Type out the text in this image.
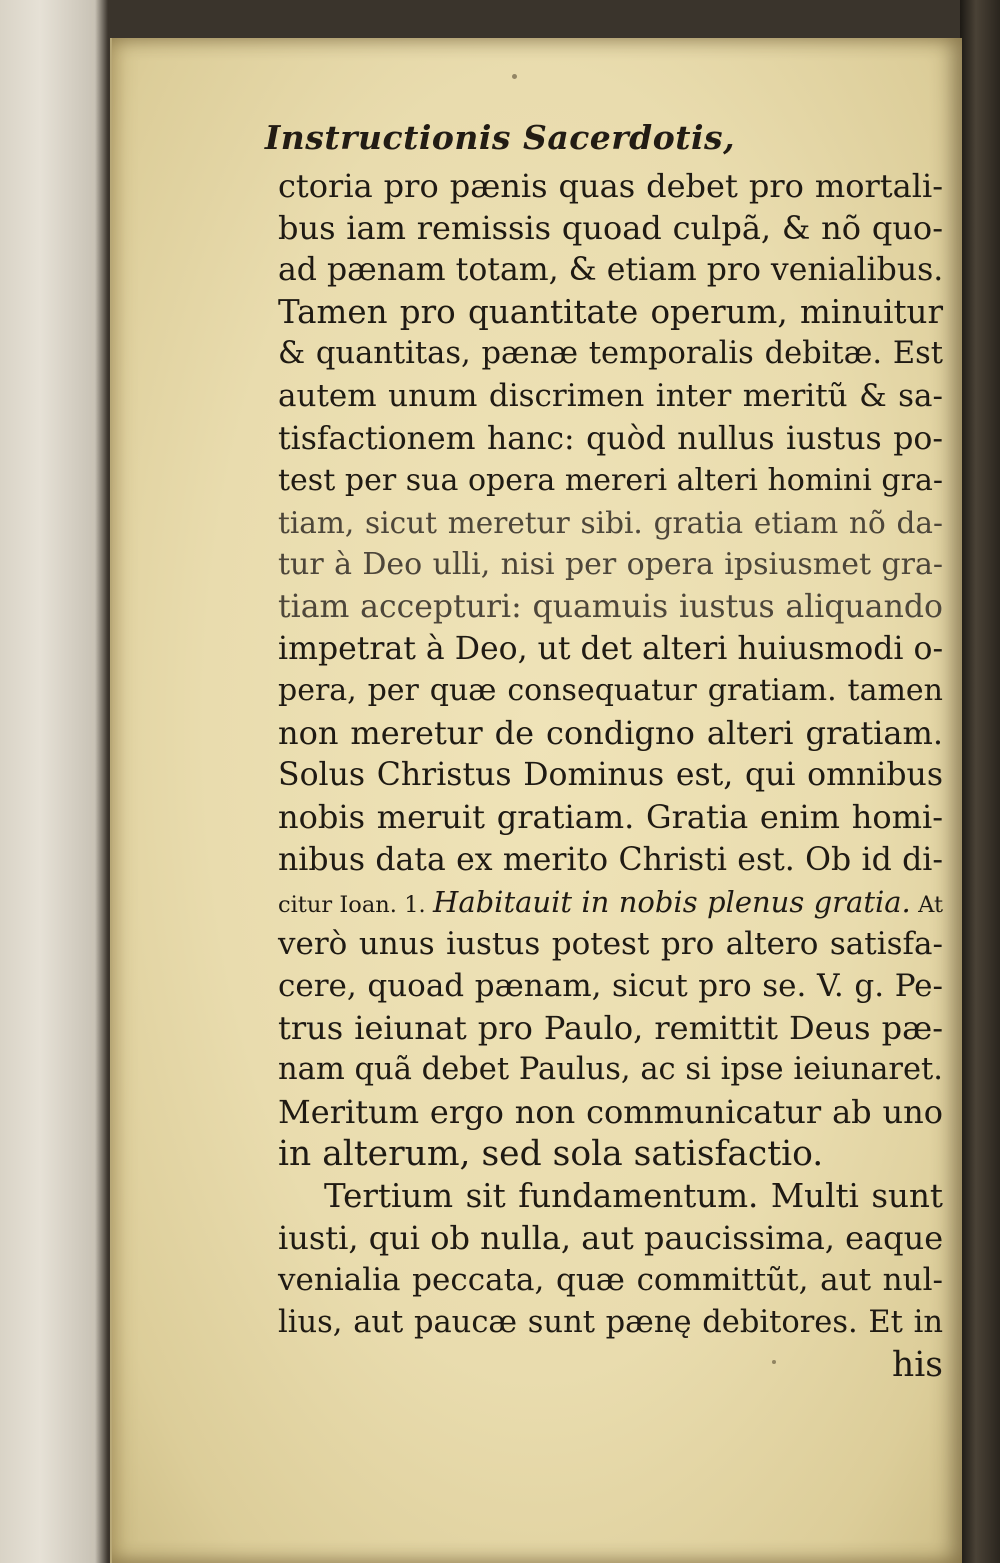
Instructionis Sacerdotis,
ctoria pro pænis quas debet pro mortali-
bus iam remissis quoad culpã, & nõ quo-
ad pænam totam, & etiam pro venialibus.
Tamen pro quantitate operum, minuitur
& quantitas, pænæ temporalis debitæ. Est
autem unum discrimen inter meritũ & sa-
tisfactionem hanc: quòd nullus iustus po-
test per sua opera mereri alteri homini gra-
tiam, sicut meretur sibi. gratia etiam nõ da-
tur à Deo ulli, nisi per opera ipsiusmet gra-
tiam accepturi: quamuis iustus aliquando
impetrat à Deo, ut det alteri huiusmodi o-
pera, per quæ consequatur gratiam. tamen
non meretur de condigno alteri gratiam.
Solus Christus Dominus est, qui omnibus
nobis meruit gratiam. Gratia enim homi-
nibus data ex merito Christi est. Ob id di-
citur Ioan. 1. Habitauit in nobis plenus gratia. At
verò unus iustus potest pro altero satisfa-
cere, quoad pænam, sicut pro se. V. g. Pe-
trus ieiunat pro Paulo, remittit Deus pæ-
nam quã debet Paulus, ac si ipse ieiunaret.
Meritum ergo non communicatur ab uno
in alterum, sed sola satisfactio.
Tertium sit fundamentum. Multi sunt
iusti, qui ob nulla, aut paucissima, eaque
venialia peccata, quæ committũt, aut nul-
lius, aut paucæ sunt pænę debitores. Et in
his
